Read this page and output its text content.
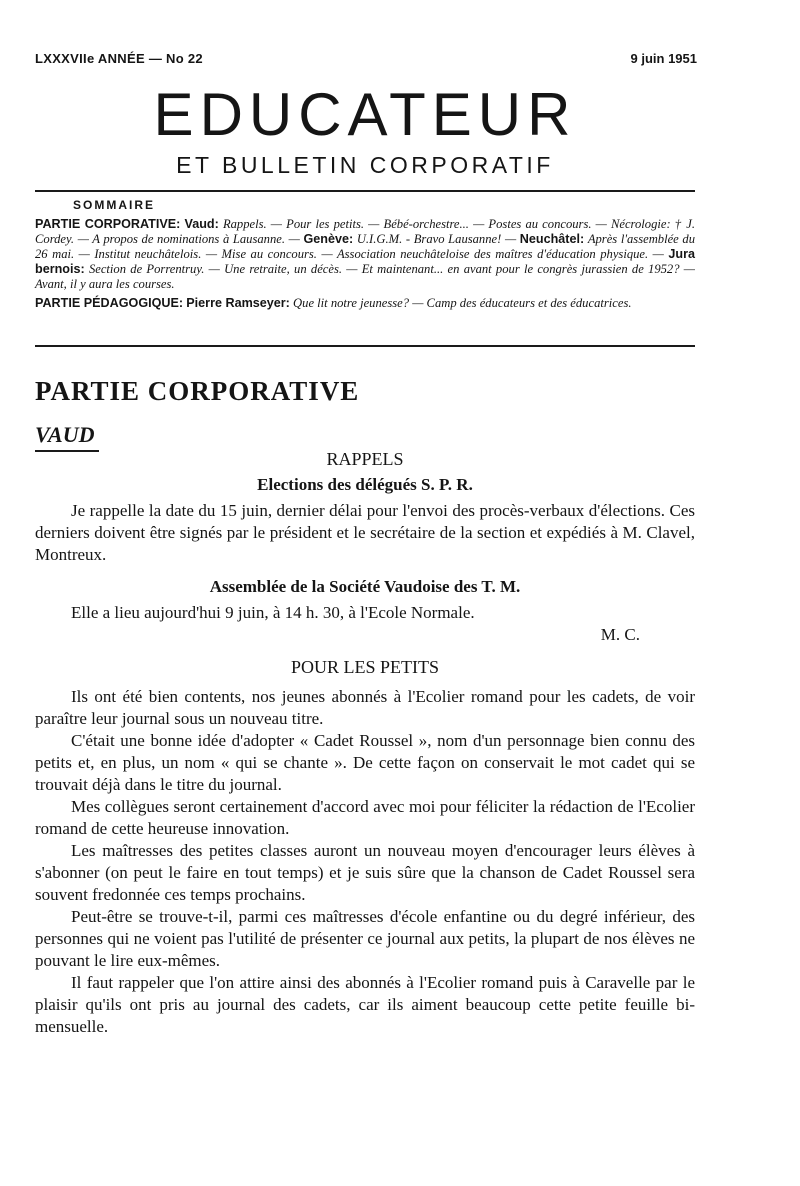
LXXXVIIe ANNÉE — No 22	9 juin 1951
EDUCATEUR
ET BULLETIN CORPORATIF
SOMMAIRE
PARTIE CORPORATIVE: Vaud: Rappels. — Pour les petits. — Bébé-orchestre... — Postes au concours. — Nécrologie: † J. Cordey. — A propos de nominations à Lausanne. — Genève: U.I.G.M. - Bravo Lausanne! — Neuchâtel: Après l'assemblée du 26 mai. — Institut neuchâtelois. — Mise au concours. — Association neuchâteloise des maîtres d'éducation physique. — Jura bernois: Section de Porrentruy. — Une retraite, un décès. — Et maintenant... en avant pour le congrès jurassien de 1952? — Avant, il y aura les courses.
PARTIE PÉDAGOGIQUE: Pierre Ramseyer: Que lit notre jeunesse? — Camp des éducateurs et des éducatrices.
PARTIE CORPORATIVE
VAUD
RAPPELS
Elections des délégués S. P. R.

Je rappelle la date du 15 juin, dernier délai pour l'envoi des procès-verbaux d'élections. Ces derniers doivent être signés par le président et le secrétaire de la section et expédiés à M. Clavel, Montreux.

Assemblée de la Société Vaudoise des T. M.

Elle a lieu aujourd'hui 9 juin, à 14 h. 30, à l'Ecole Normale.

M. C.
POUR LES PETITS

Ils ont été bien contents, nos jeunes abonnés à l'Ecolier romand pour les cadets, de voir paraître leur journal sous un nouveau titre.

C'était une bonne idée d'adopter « Cadet Roussel », nom d'un personnage bien connu des petits et, en plus, un nom « qui se chante ». De cette façon on conservait le mot cadet qui se trouvait déjà dans le titre du journal.

Mes collègues seront certainement d'accord avec moi pour féliciter la rédaction de l'Ecolier romand de cette heureuse innovation.

Les maîtresses des petites classes auront un nouveau moyen d'encourager leurs élèves à s'abonner (on peut le faire en tout temps) et je suis sûre que la chanson de Cadet Roussel sera souvent fredonnée ces temps prochains.

Peut-être se trouve-t-il, parmi ces maîtresses d'école enfantine ou du degré inférieur, des personnes qui ne voient pas l'utilité de présenter ce journal aux petits, la plupart de nos élèves ne pouvant le lire eux-mêmes.

Il faut rappeler que l'on attire ainsi des abonnés à l'Ecolier romand puis à Caravelle par le plaisir qu'ils ont pris au journal des cadets, car ils aiment beaucoup cette petite feuille bi-mensuelle.
